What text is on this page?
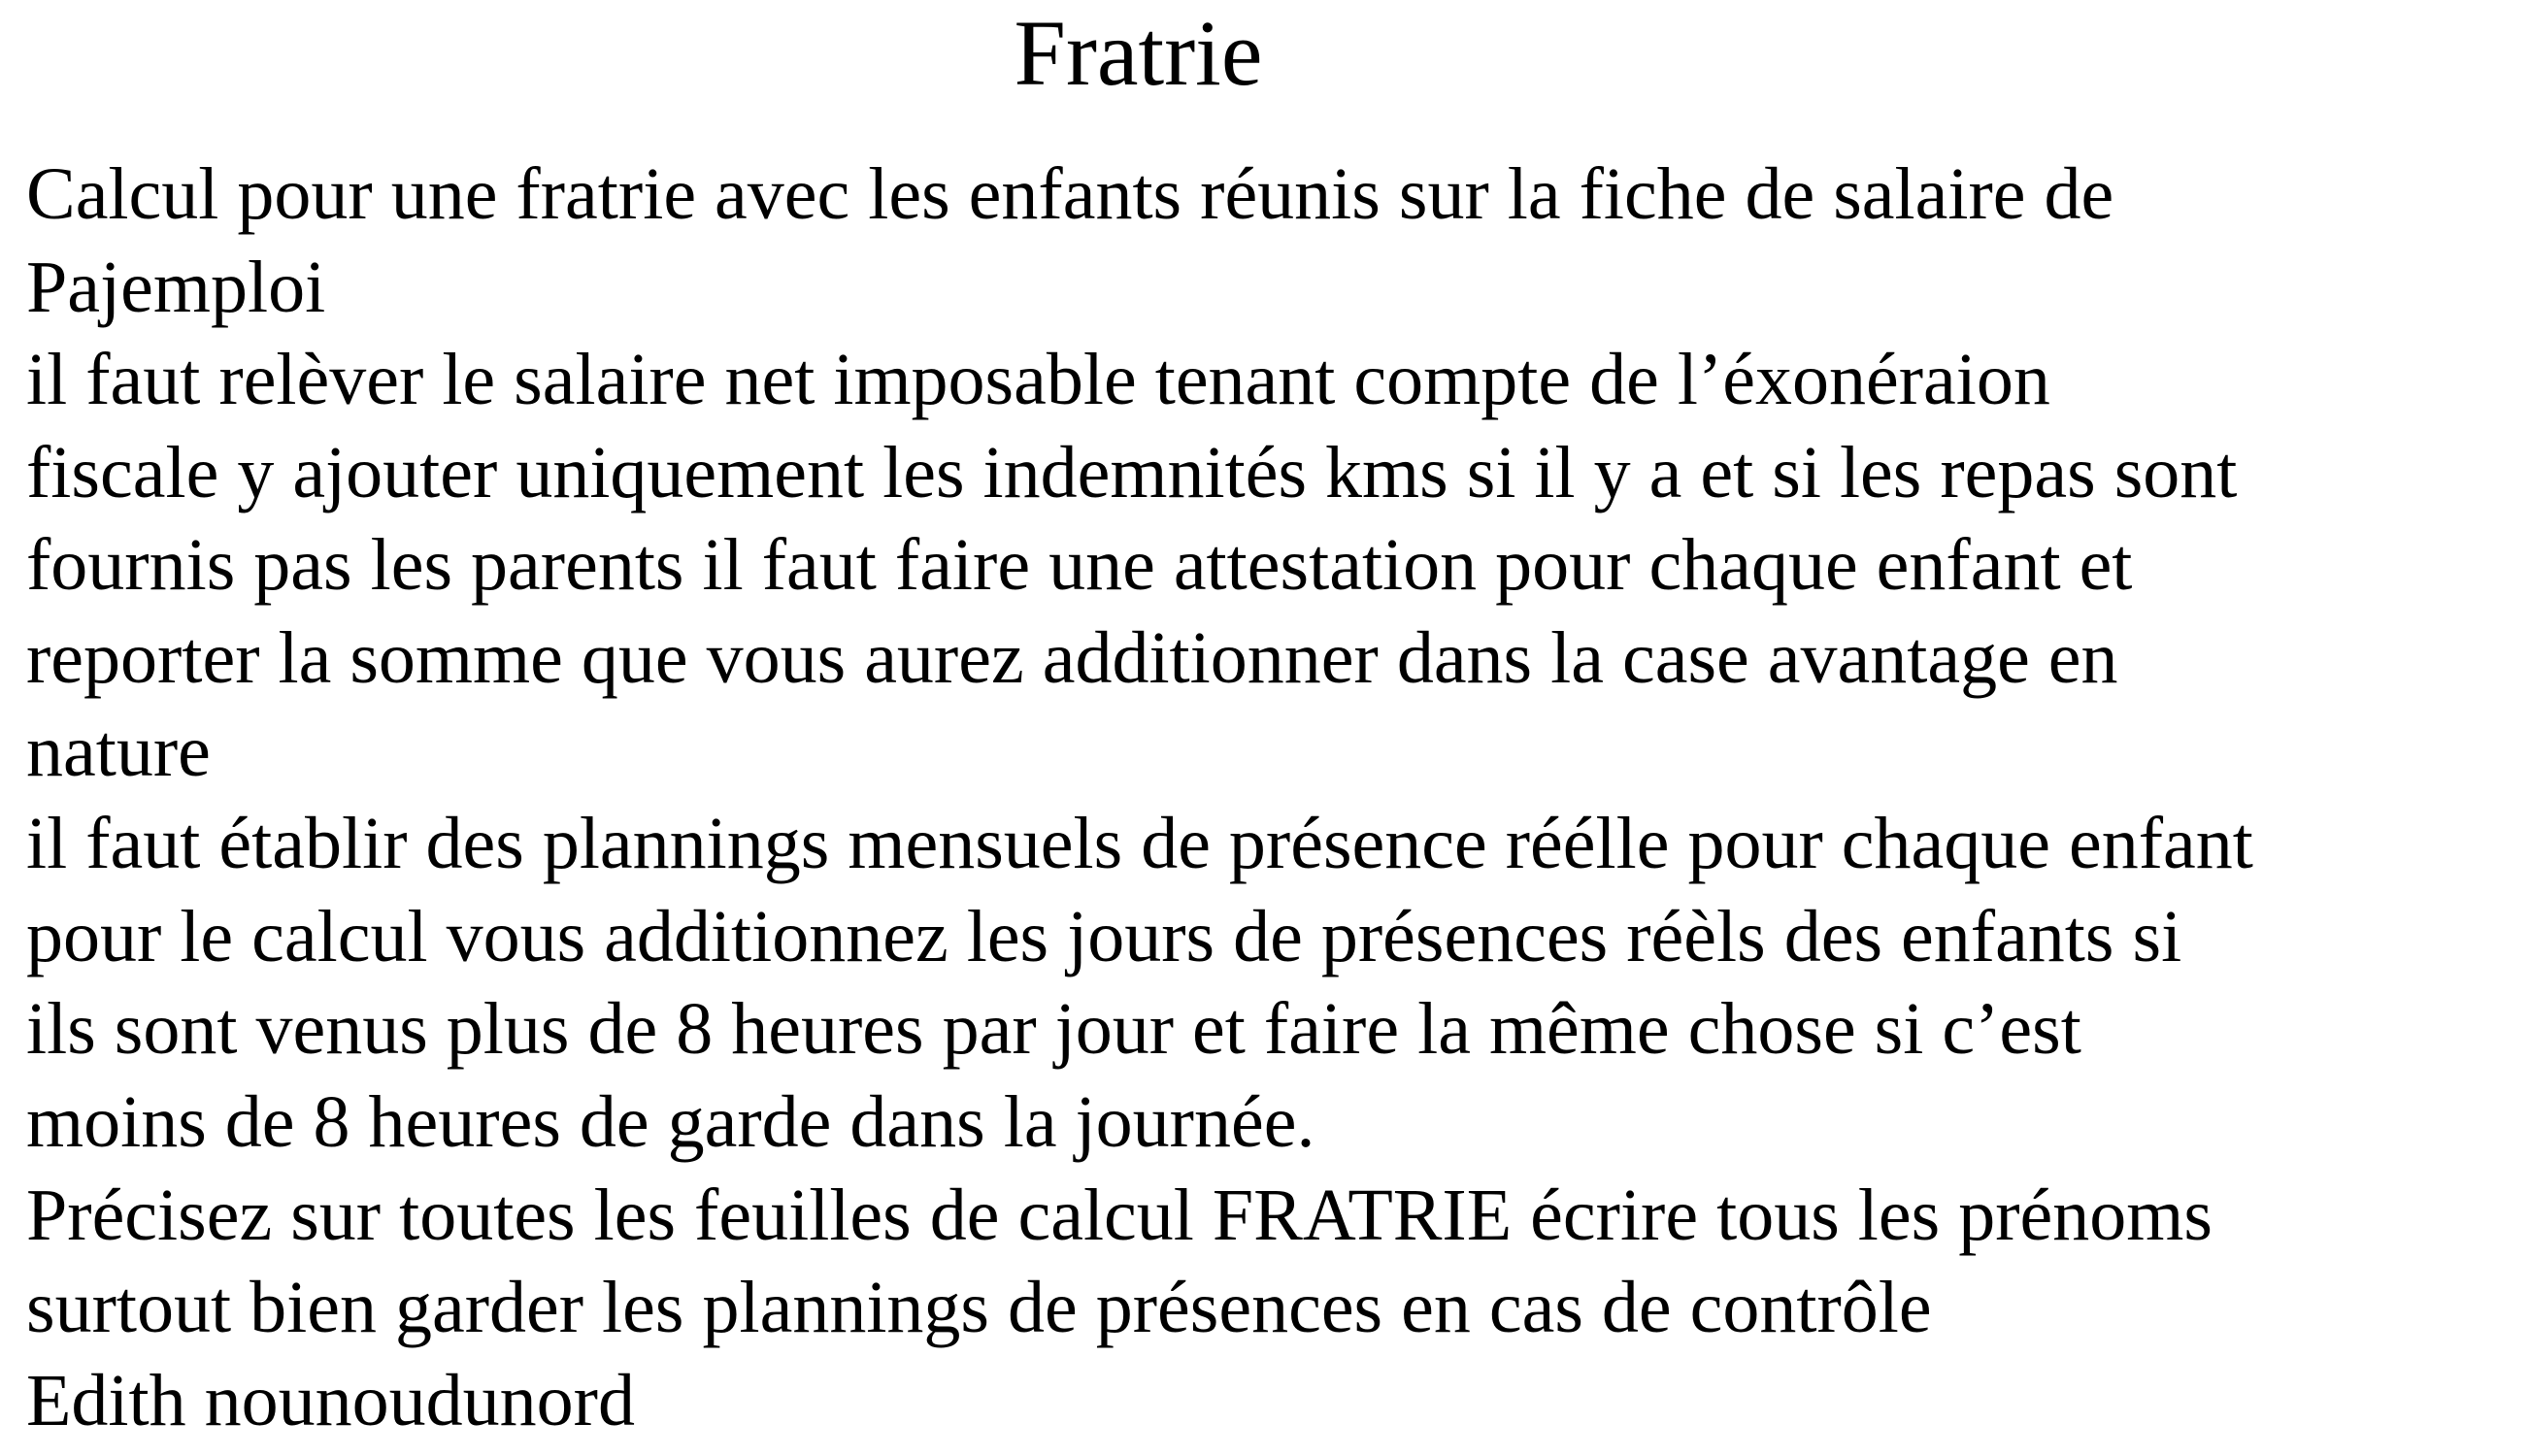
Fratrie
Calcul pour une fratrie avec les enfants réunis sur la fiche de salaire de
Pajemploi
il faut relèver le salaire net imposable tenant compte de l’éxonéraion
fiscale y ajouter uniquement les indemnités kms si il y a et si les repas sont
fournis pas les parents il faut faire une attestation pour chaque enfant et
reporter la somme que vous aurez additionner dans la case avantage en
nature
il faut établir des plannings mensuels de présence réélle pour chaque enfant
pour le calcul vous additionnez les jours de présences réèls des enfants si
ils sont venus plus de 8 heures par jour et faire la même chose si c’est
moins de 8 heures de garde dans la journée.
Précisez sur toutes les feuilles de calcul FRATRIE écrire tous les prénoms
surtout bien garder les plannings de présences en cas de contrôle
Edith nounoudunord
